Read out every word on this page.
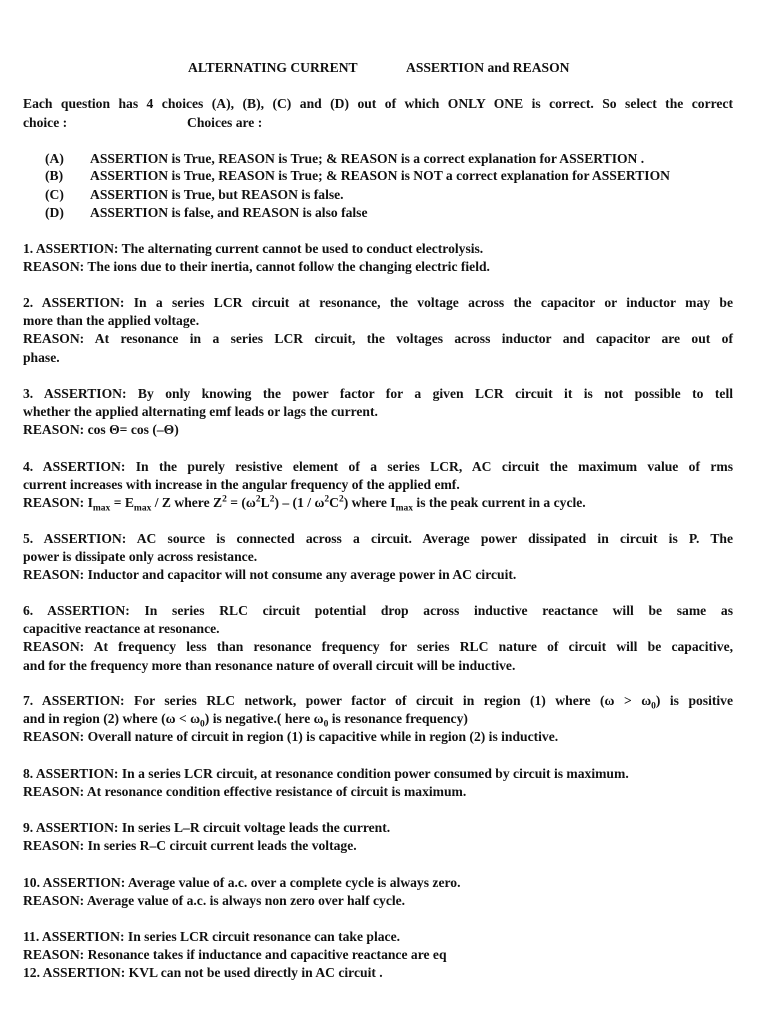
ALTERNATING CURRENT	ASSERTION and REASON
Each question has 4 choices (A), (B), (C) and (D) out of which ONLY ONE is correct. So select the correct
choice :	Choices are :
(A) ASSERTION is True, REASON is True; & REASON is a correct explanation for ASSERTION .
(B) ASSERTION is True, REASON is True; & REASON is NOT a correct explanation for ASSERTION
(C) ASSERTION is True, but REASON is false.
(D) ASSERTION is false, and REASON is also false
1. ASSERTION: The alternating current cannot be used to conduct electrolysis.
REASON: The ions due to their inertia, cannot follow the changing electric field.
2. ASSERTION: In a series LCR circuit at resonance, the voltage across the capacitor or inductor may be
more than the applied voltage.
REASON: At resonance in a series LCR circuit, the voltages across inductor and capacitor are out of
phase.
3. ASSERTION: By only knowing the power factor for a given LCR circuit it is not possible to tell
whether the applied alternating emf leads or lags the current.
REASON: cos Θ= cos (–Θ)
4. ASSERTION: In the purely resistive element of a series LCR, AC circuit the maximum value of rms
current increases with increase in the angular frequency of the applied emf.
REASON: $I_{max} = E_{max} / Z$ where $Z^2 = (\omega^2L^2) - (1 / \omega^2C^2)$ where $I_{max}$ is the peak current in a cycle.
5. ASSERTION: AC source is connected across a circuit. Average power dissipated in circuit is P. The
power is dissipate only across resistance.
REASON: Inductor and capacitor will not consume any average power in AC circuit.
6. ASSERTION: In series RLC circuit potential drop across inductive reactance will be same as
capacitive reactance at resonance.
REASON: At frequency less than resonance frequency for series RLC nature of circuit will be capacitive,
and for the frequency more than resonance nature of overall circuit will be inductive.
7. ASSERTION: For series RLC network, power factor of circuit in region (1) where $(\omega > \omega_0)$ is positive
and in region (2) where $(\omega < \omega_0)$ is negative.( here $\omega_0$ is resonance frequency)
REASON: Overall nature of circuit in region (1) is capacitive while in region (2) is inductive.
8. ASSERTION: In a series LCR circuit, at resonance condition power consumed by circuit is maximum.
REASON: At resonance condition effective resistance of circuit is maximum.
9. ASSERTION: In series L–R circuit voltage leads the current.
REASON: In series R–C circuit current leads the voltage.
10. ASSERTION: Average value of a.c. over a complete cycle is always zero.
REASON: Average value of a.c. is always non zero over half cycle.
11. ASSERTION: In series LCR circuit resonance can take place.
REASON: Resonance takes if inductance and capacitive reactance are eq
12. ASSERTION: KVL can not be used directly in AC circuit .
